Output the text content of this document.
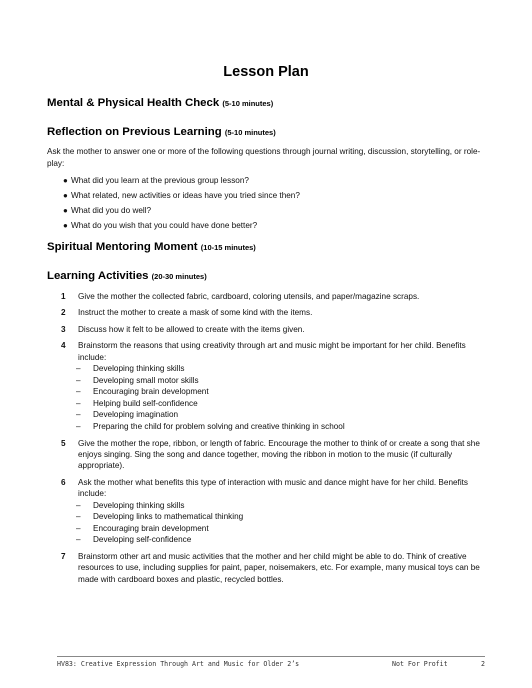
Lesson Plan
Mental & Physical Health Check (5-10 minutes)
Reflection on Previous Learning (5-10 minutes)
Ask the mother to answer one or more of the following questions through journal writing, discussion, storytelling, or role-play:
● What did you learn at the previous group lesson?
● What related, new activities or ideas have you tried since then?
● What did you do well?
● What do you wish that you could have done better?
Spiritual Mentoring Moment (10-15 minutes)
Learning Activities (20-30 minutes)
1 Give the mother the collected fabric, cardboard, coloring utensils, and paper/magazine scraps.
2 Instruct the mother to create a mask of some kind with the items.
3 Discuss how it felt to be allowed to create with the items given.
4 Brainstorm the reasons that using creativity through art and music might be important for her child. Benefits include:
– Developing thinking skills
– Developing small motor skills
– Encouraging brain development
– Helping build self-confidence
– Developing imagination
– Preparing the child for problem solving and creative thinking in school
5 Give the mother the rope, ribbon, or length of fabric. Encourage the mother to think of or create a song that she enjoys singing. Sing the song and dance together, moving the ribbon in motion to the music (if culturally appropriate).
6 Ask the mother what benefits this type of interaction with music and dance might have for her child. Benefits include:
– Developing thinking skills
– Developing links to mathematical thinking
– Encouraging brain development
– Developing self-confidence
7 Brainstorm other art and music activities that the mother and her child might be able to do. Think of creative resources to use, including supplies for paint, paper, noisemakers, etc. For example, many musical toys can be made with cardboard boxes and plastic, recycled bottles.
HV83: Creative Expression Through Art and Music for Older 2’s	Not For Profit	2
